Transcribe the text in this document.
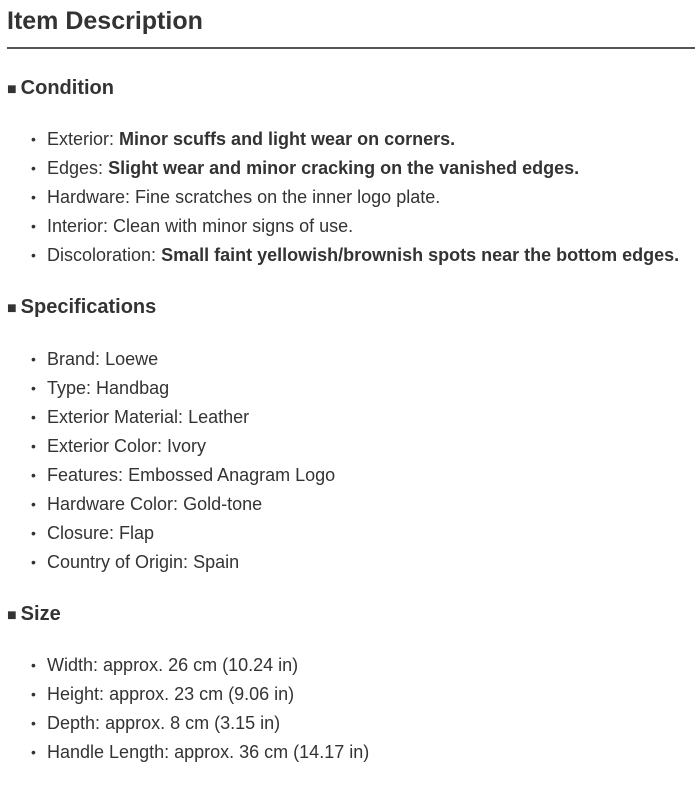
Item Description
■ Condition
• Exterior: Minor scuffs and light wear on corners.
• Edges: Slight wear and minor cracking on the vanished edges.
• Hardware: Fine scratches on the inner logo plate.
• Interior: Clean with minor signs of use.
• Discoloration: Small faint yellowish/brownish spots near the bottom edges.
■ Specifications
• Brand: Loewe
• Type: Handbag
• Exterior Material: Leather
• Exterior Color: Ivory
• Features: Embossed Anagram Logo
• Hardware Color: Gold-tone
• Closure: Flap
• Country of Origin: Spain
■ Size
• Width: approx. 26 cm (10.24 in)
• Height: approx. 23 cm (9.06 in)
• Depth: approx. 8 cm (3.15 in)
• Handle Length: approx. 36 cm (14.17 in)
